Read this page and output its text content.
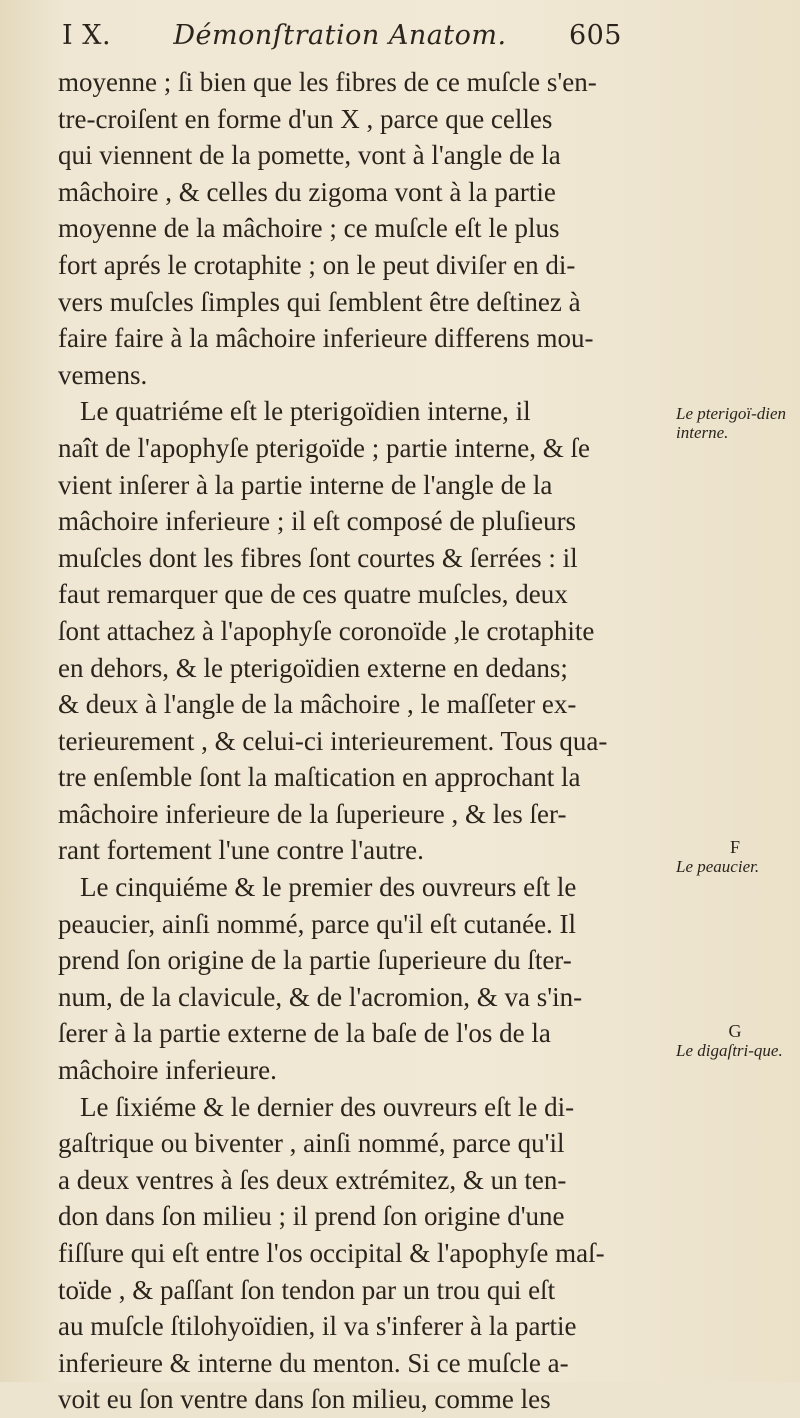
I X. Démonſtration Anatom. 605
moyenne ; ſi bien que les fibres de ce muſcle s'en-
tre-croiſent en forme d'un X , parce que celles
qui viennent de la pomette, vont à l'angle de la
mâchoire , & celles du zigoma vont à la partie
moyenne de la mâchoire ; ce muſcle eſt le plus
fort aprés le crotaphite ; on le peut diviſer en di-
vers muſcles ſimples qui ſemblent être deſtinez à
faire faire à la mâchoire inferieure differens mou-
vemens.
Le quatriéme eſt le pterigoïdien interne, il
naît de l'apophyſe pterigoïde ; partie interne, & ſe
vient inſerer à la partie interne de l'angle de la
mâchoire inferieure ; il eſt composé de pluſieurs
muſcles dont les fibres ſont courtes & ſerrées : il
faut remarquer que de ces quatre muſcles, deux
ſont attachez à l'apophyſe coronoïde ,le crotaphite
en dehors, & le pterigoïdien externe en dedans;
& deux à l'angle de la mâchoire , le maſſeter ex-
terieurement , & celui-ci interieurement. Tous qua-
tre enſemble ſont la maſtication en approchant la
mâchoire inferieure de la ſuperieure , & les ſer-
rant fortement l'une contre l'autre.
Le cinquiéme & le premier des ouvreurs eſt le
peaucier, ainſi nommé, parce qu'il eſt cutanée. Il
prend ſon origine de la partie ſuperieure du ſter-
num, de la clavicule, & de l'acromion, & va s'in-
ſerer à la partie externe de la baſe de l'os de la
mâchoire inferieure.
Le ſixiéme & le dernier des ouvreurs eſt le di-
gaſtrique ou biventer , ainſi nommé, parce qu'il
a deux ventres à ſes deux extrémitez, & un ten-
don dans ſon milieu ; il prend ſon origine d'une
fiſſure qui eſt entre l'os occipital & l'apophyſe maſ-
toïde , & paſſant ſon tendon par un trou qui eſt
au muſcle ſtilohyoïdien, il va s'inferer à la partie
inferieure & interne du menton. Si ce muſcle a-
voit eu ſon ventre dans ſon milieu, comme les
Le pterigoï-dien interne.
F
Le peaucier.
G
Le digaſtri-que.
